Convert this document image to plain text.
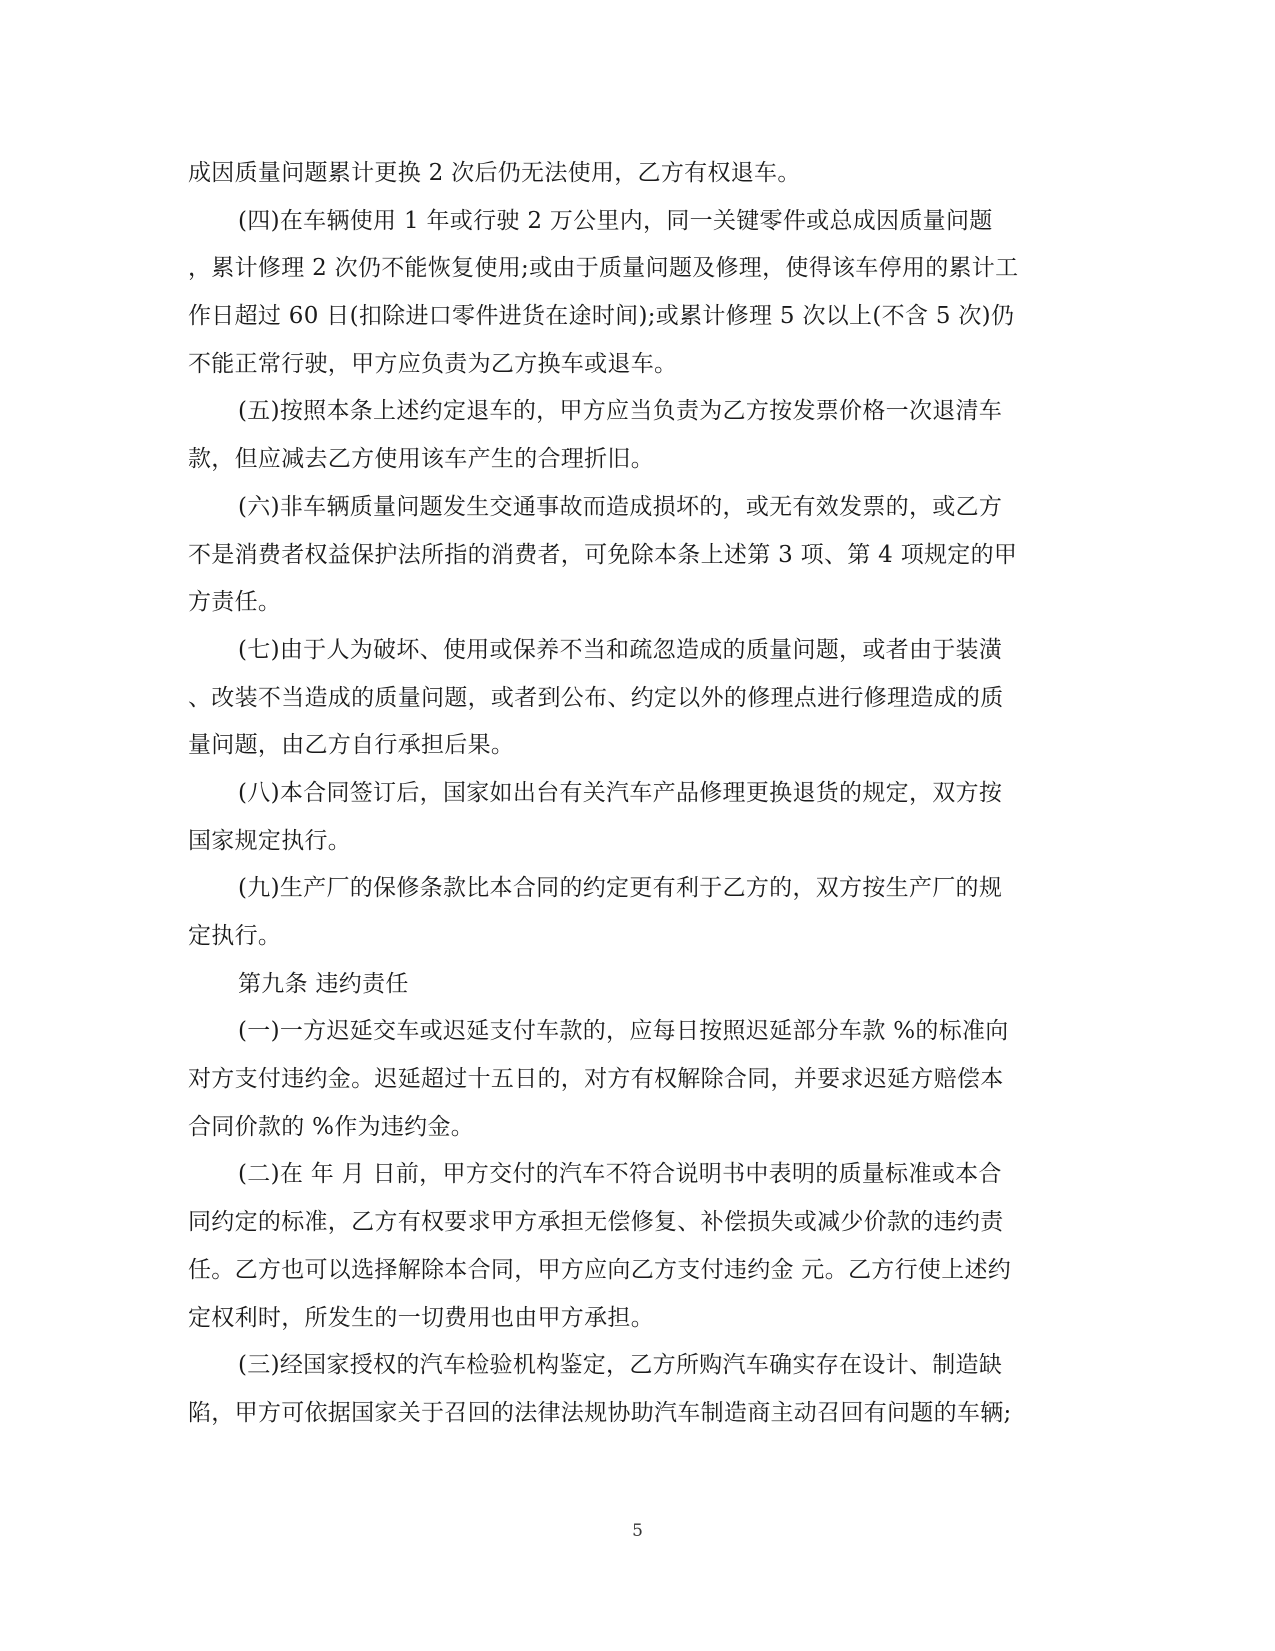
成因质量问题累计更换 2 次后仍无法使用，乙方有权退车。
(四)在车辆使用 1 年或行驶 2 万公里内，同一关键零件或总成因质量问题
，累计修理 2 次仍不能恢复使用;或由于质量问题及修理，使得该车停用的累计工
作日超过 60 日(扣除进口零件进货在途时间);或累计修理 5 次以上(不含 5 次)仍
不能正常行驶，甲方应负责为乙方换车或退车。
(五)按照本条上述约定退车的，甲方应当负责为乙方按发票价格一次退清车
款，但应减去乙方使用该车产生的合理折旧。
(六)非车辆质量问题发生交通事故而造成损坏的，或无有效发票的，或乙方
不是消费者权益保护法所指的消费者，可免除本条上述第 3 项、第 4 项规定的甲
方责任。
(七)由于人为破坏、使用或保养不当和疏忽造成的质量问题，或者由于装潢
、改装不当造成的质量问题，或者到公布、约定以外的修理点进行修理造成的质
量问题，由乙方自行承担后果。
(八)本合同签订后，国家如出台有关汽车产品修理更换退货的规定，双方按
国家规定执行。
(九)生产厂的保修条款比本合同的约定更有利于乙方的，双方按生产厂的规
定执行。
第九条 违约责任
(一)一方迟延交车或迟延支付车款的，应每日按照迟延部分车款 %的标准向
对方支付违约金。迟延超过十五日的，对方有权解除合同，并要求迟延方赔偿本
合同价款的 %作为违约金。
(二)在 年 月 日前，甲方交付的汽车不符合说明书中表明的质量标准或本合
同约定的标准，乙方有权要求甲方承担无偿修复、补偿损失或减少价款的违约责
任。乙方也可以选择解除本合同，甲方应向乙方支付违约金 元。乙方行使上述约
定权利时，所发生的一切费用也由甲方承担。
(三)经国家授权的汽车检验机构鉴定，乙方所购汽车确实存在设计、制造缺
陷，甲方可依据国家关于召回的法律法规协助汽车制造商主动召回有问题的车辆;
5
